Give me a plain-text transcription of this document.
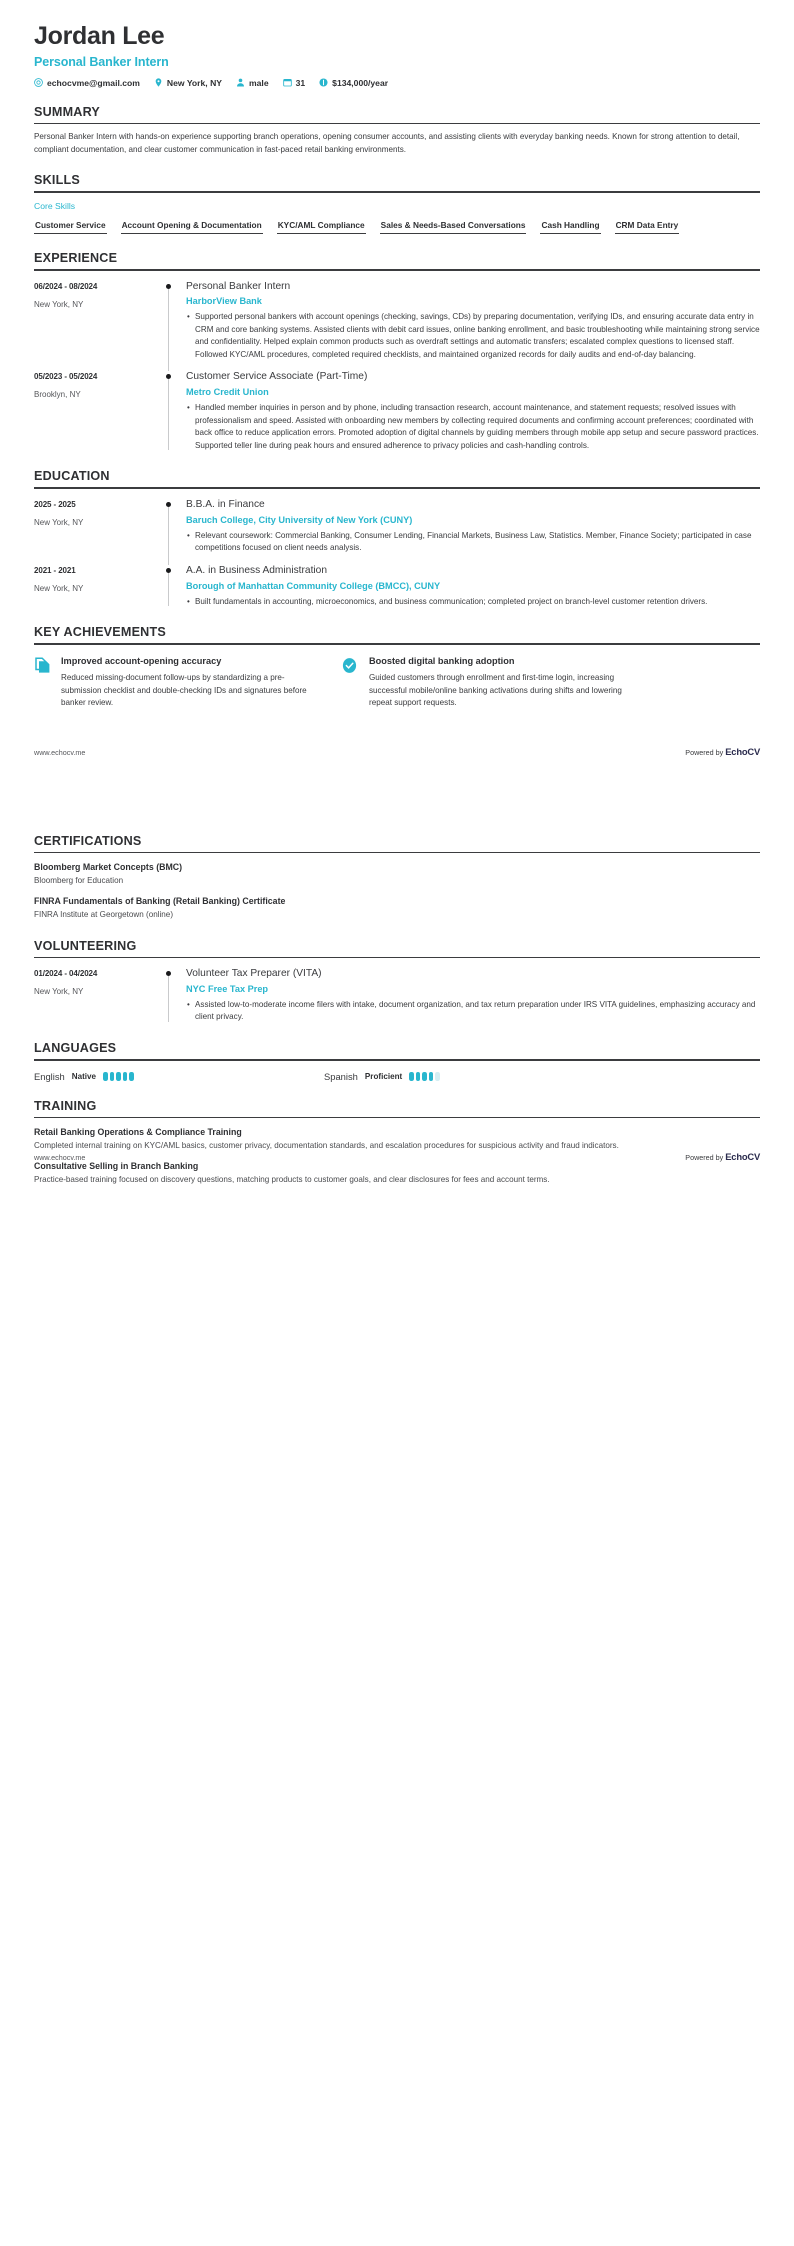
Jordan Lee
Personal Banker Intern
echocvme@gmail.com	New York, NY	male	31	$134,000/year
SUMMARY
Personal Banker Intern with hands-on experience supporting branch operations, opening consumer accounts, and assisting clients with everyday banking needs. Known for strong attention to detail, compliant documentation, and clear customer communication in fast-paced retail banking environments.
SKILLS
Core Skills
Customer Service Account Opening & Documentation KYC/AML Compliance Sales & Needs-Based Conversations Cash Handling CRM Data Entry
EXPERIENCE
06/2024 - 08/2024
New York, NY
Personal Banker Intern
HarborView Bank
• Supported personal bankers with account openings (checking, savings, CDs) by preparing documentation, verifying IDs, and ensuring accurate data entry in CRM and core banking systems. Assisted clients with debit card issues, online banking enrollment, and basic troubleshooting while maintaining strong service and confidentiality. Helped explain common products such as overdraft settings and automatic transfers; escalated complex questions to licensed staff. Followed KYC/AML procedures, completed required checklists, and maintained organized records for daily audits and end-of-day balancing.
05/2023 - 05/2024
Brooklyn, NY
Customer Service Associate (Part-Time)
Metro Credit Union
• Handled member inquiries in person and by phone, including transaction research, account maintenance, and statement requests; resolved issues with professionalism and speed. Assisted with onboarding new members by collecting required documents and confirming account preferences; coordinated with back office to reduce application errors. Promoted adoption of digital channels by guiding members through mobile app setup and secure password practices. Supported teller line during peak hours and ensured adherence to privacy policies and cash-handling controls.
EDUCATION
2025 - 2025
New York, NY
B.B.A. in Finance
Baruch College, City University of New York (CUNY)
• Relevant coursework: Commercial Banking, Consumer Lending, Financial Markets, Business Law, Statistics. Member, Finance Society; participated in case competitions focused on client needs analysis.
2021 - 2021
New York, NY
A.A. in Business Administration
Borough of Manhattan Community College (BMCC), CUNY
• Built fundamentals in accounting, microeconomics, and business communication; completed project on branch-level customer retention drivers.
KEY ACHIEVEMENTS
Improved account-opening accuracy
Reduced missing-document follow-ups by standardizing a pre-submission checklist and double-checking IDs and signatures before banker review.
Boosted digital banking adoption
Guided customers through enrollment and first-time login, increasing successful mobile/online banking activations during shifts and lowering repeat support requests.
www.echocv.me	Powered by EchoCV
CERTIFICATIONS
Bloomberg Market Concepts (BMC)
Bloomberg for Education
FINRA Fundamentals of Banking (Retail Banking) Certificate
FINRA Institute at Georgetown (online)
VOLUNTEERING
01/2024 - 04/2024
New York, NY
Volunteer Tax Preparer (VITA)
NYC Free Tax Prep
• Assisted low-to-moderate income filers with intake, document organization, and tax return preparation under IRS VITA guidelines, emphasizing accuracy and client privacy.
LANGUAGES
English Native	Spanish Proficient
TRAINING
Retail Banking Operations & Compliance Training
Completed internal training on KYC/AML basics, customer privacy, documentation standards, and escalation procedures for suspicious activity and fraud indicators.
Consultative Selling in Branch Banking
Practice-based training focused on discovery questions, matching products to customer goals, and clear disclosures for fees and account terms.
www.echocv.me	Powered by EchoCV
